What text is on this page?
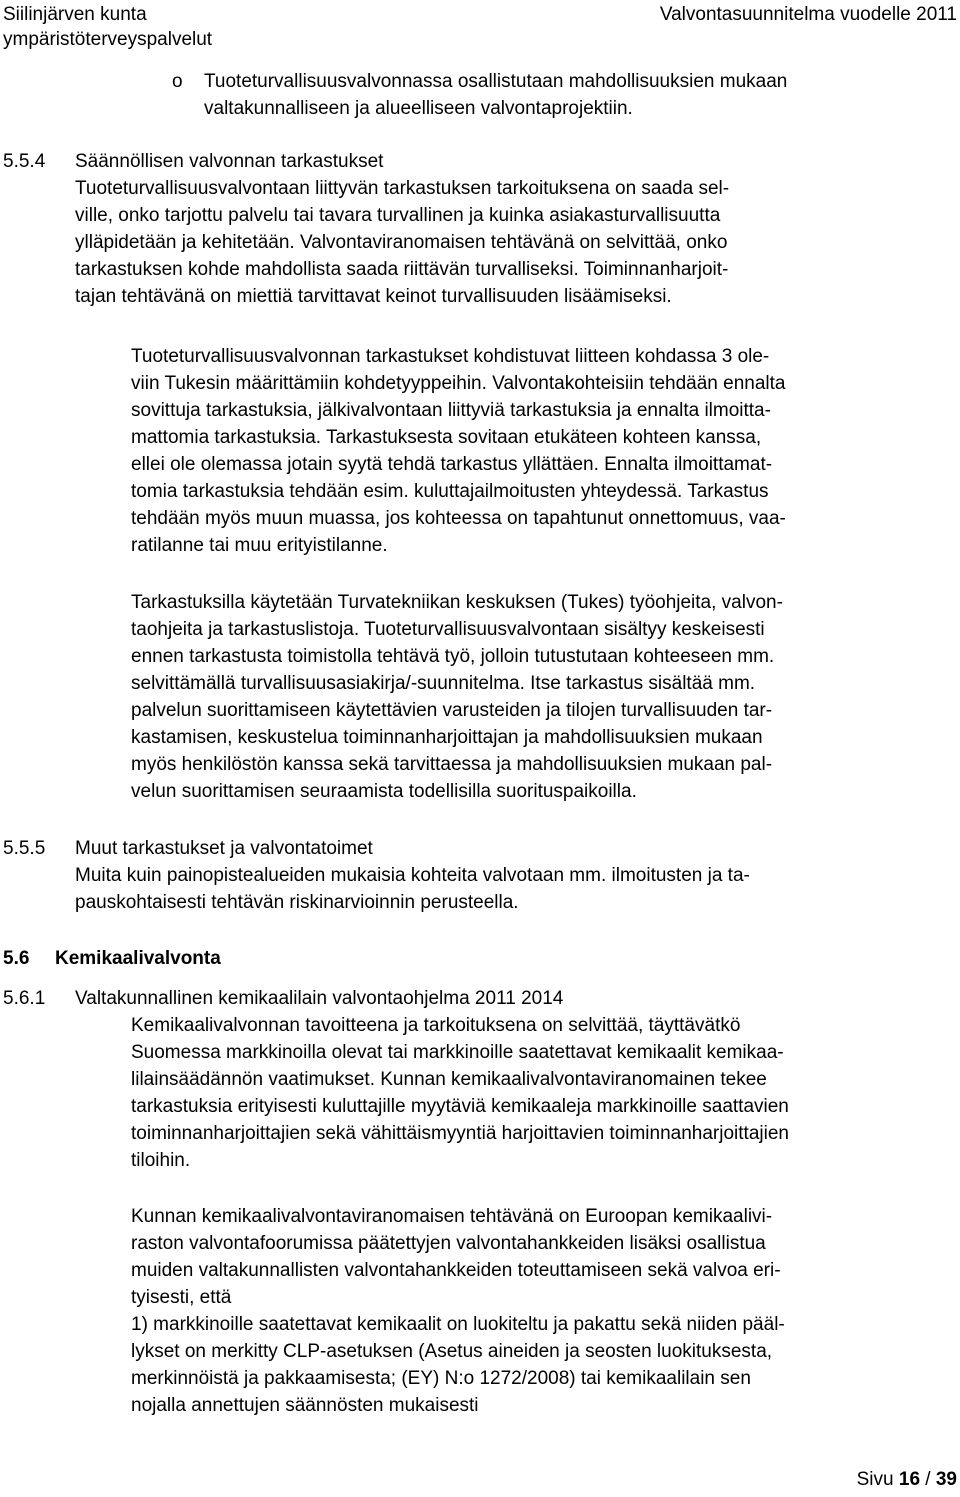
Siilinjärven kunta
ympäristöterveyspalvelut
Valvontasuunnitelma vuodelle 2011
o Tuoteturvallisuusvalvonnassa osallistutaan mahdollisuuksien mukaan
valtakunnalliseen ja alueelliseen valvontaprojektiin.
5.5.4 Säännöllisen valvonnan tarkastukset
Tuoteturvallisuusvalvontaan liittyvän tarkastuksen tarkoituksena on saada sel-
ville, onko tarjottu palvelu tai tavara turvallinen ja kuinka asiakasturvallisuutta
ylläpidetään ja kehitetään. Valvontaviranomaisen tehtävänä on selvittää, onko
tarkastuksen kohde mahdollista saada riittävän turvalliseksi. Toiminnanharjoit-
tajan tehtävänä on miettiä tarvittavat keinot turvallisuuden lisäämiseksi.
Tuoteturvallisuusvalvonnan tarkastukset kohdistuvat liitteen kohdassa 3 ole-
viin Tukesin määrittämiin kohdetyyppeihin. Valvontakohteisiin tehdään ennalta
sovittuja tarkastuksia, jälkivalvontaan liittyviä tarkastuksia ja ennalta ilmoitta-
mattomia tarkastuksia. Tarkastuksesta sovitaan etukäteen kohteen kanssa,
ellei ole olemassa jotain syytä tehdä tarkastus yllättäen. Ennalta ilmoittamat-
tomia tarkastuksia tehdään esim. kuluttajailmoitusten yhteydessä. Tarkastus
tehdään myös muun muassa, jos kohteessa on tapahtunut onnettomuus, vaa-
ratilanne tai muu erityistilanne.
Tarkastuksilla käytetään Turvatekniikan keskuksen (Tukes) työohjeita, valvon-
taohjeita ja tarkastuslistoja. Tuoteturvallisuusvalvontaan sisältyy keskeisesti
ennen tarkastusta toimistolla tehtävä työ, jolloin tutustutaan kohteeseen mm.
selvittämällä turvallisuusasiakirja/-suunnitelma. Itse tarkastus sisältää mm.
palvelun suorittamiseen käytettävien varusteiden ja tilojen turvallisuuden tar-
kastamisen, keskustelua toiminnanharjoittajan ja mahdollisuuksien mukaan
myös henkilöstön kanssa sekä tarvittaessa ja mahdollisuuksien mukaan pal-
velun suorittamisen seuraamista todellisilla suorituspaikoilla.
5.5.5 Muut tarkastukset ja valvontatoimet
Muita kuin painopistealueiden mukaisia kohteita valvotaan mm. ilmoitusten ja ta-
pauskohtaisesti tehtävän riskinarvioinnin perusteella.
5.6 Kemikaalivalvonta
5.6.1 Valtakunnallinen kemikaalilain valvontaohjelma 2011 2014
Kemikaalivalvonnan tavoitteena ja tarkoituksena on selvittää, täyttävätkö
Suomessa markkinoilla olevat tai markkinoille saatettavat kemikaalit kemikaa-
lilainsäädännön vaatimukset. Kunnan kemikaalivalvontaviranomainen tekee
tarkastuksia erityisesti kuluttajille myytäviä kemikaaleja markkinoille saattavien
toiminnanharjoittajien sekä vähittäismyyntiä harjoittavien toiminnanharjoittajien
tiloihin.
Kunnan kemikaalivalvontaviranomaisen tehtävänä on Euroopan kemikaalivi-
raston valvontafoorumissa päätettyjen valvontahankkeiden lisäksi osallistua
muiden valtakunnallisten valvontahankkeiden toteuttamiseen sekä valvoa eri-
tyisesti, että
1) markkinoille saatettavat kemikaalit on luokiteltu ja pakattu sekä niiden pääl-
lykset on merkitty CLP-asetuksen (Asetus aineiden ja seosten luokituksesta,
merkinnöistä ja pakkaamisesta; (EY) N:o 1272/2008) tai kemikaalilain sen
nojalla annettujen säännösten mukaisesti
Sivu 16 / 39
